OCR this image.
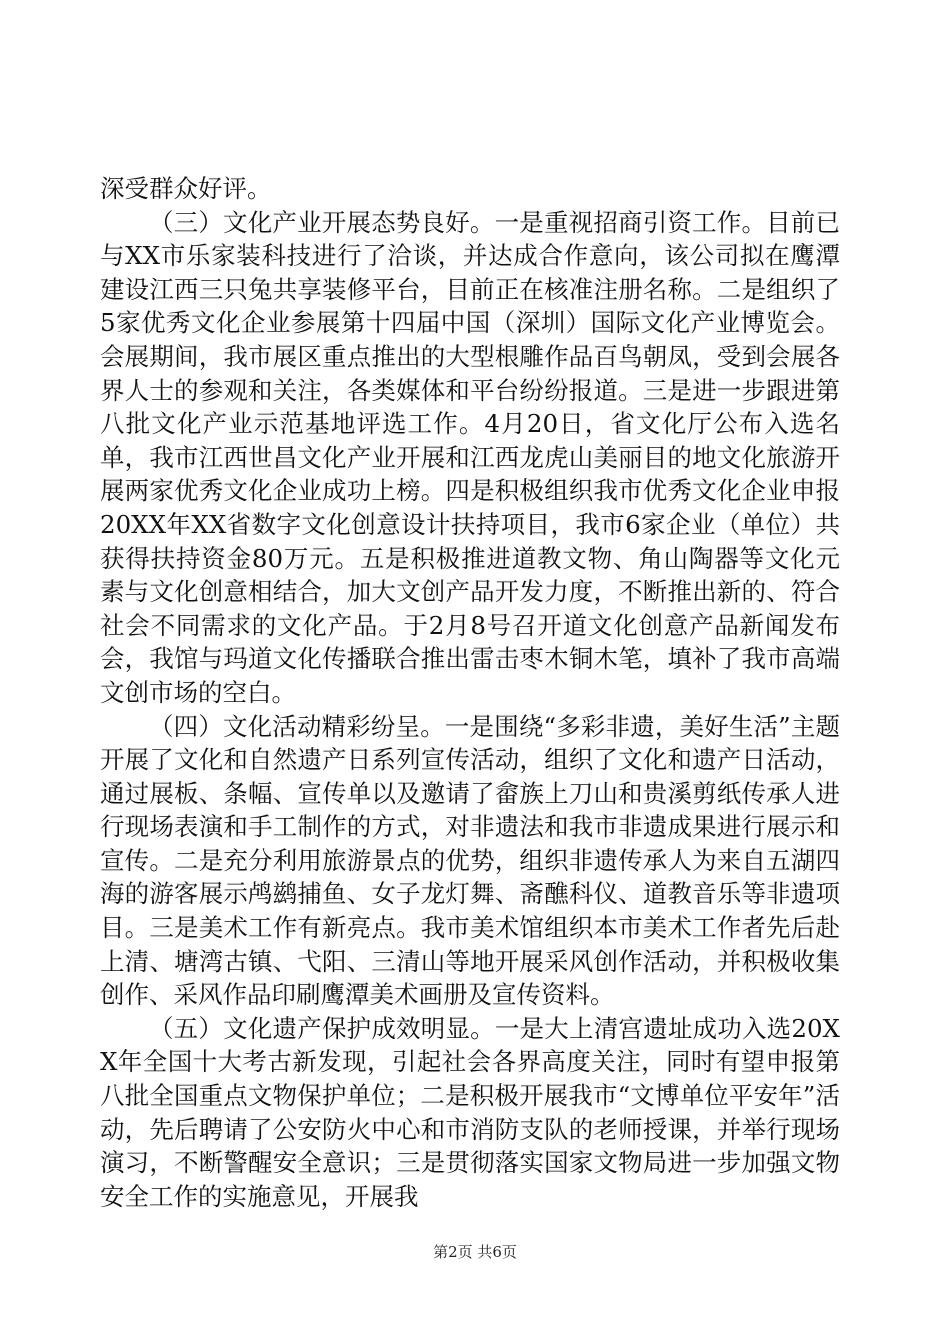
深受群众好评。

（三）文化产业开展态势良好。一是重视招商引资工作。目前已与XX市乐家装科技进行了洽谈，并达成合作意向，该公司拟在鹰潭建设江西三只兔共享装修平台，目前正在核准注册名称。二是组织了5家优秀文化企业参展第十四届中国（深圳）国际文化产业博览会。会展期间，我市展区重点推出的大型根雕作品百鸟朝凤，受到会展各界人士的参观和关注，各类媒体和平台纷纷报道。三是进一步跟进第八批文化产业示范基地评选工作。4月20日，省文化厅公布入选名单，我市江西世昌文化产业开展和江西龙虎山美丽目的地文化旅游开展两家优秀文化企业成功上榜。四是积极组织我市优秀文化企业申报20XX年XX省数字文化创意设计扶持项目，我市6家企业（单位）共获得扶持资金80万元。五是积极推进道教文物、角山陶器等文化元素与文化创意相结合，加大文创产品开发力度，不断推出新的、符合社会不同需求的文化产品。于2月8号召开道文化创意产品新闻发布会，我馆与玛道文化传播联合推出雷击枣木铜木笔，填补了我市高端文创市场的空白。

（四）文化活动精彩纷呈。一是围绕“多彩非遗，美好生活”主题开展了文化和自然遗产日系列宣传活动，组织了文化和遗产日活动，通过展板、条幅、宣传单以及邀请了畲族上刀山和贵溪剪纸传承人进行现场表演和手工制作的方式，对非遗法和我市非遗成果进行展示和宣传。二是充分利用旅游景点的优势，组织非遗传承人为来自五湖四海的游客展示鸬鹚捕鱼、女子龙灯舞、斋醮科仪、道教音乐等非遗项目。三是美术工作有新亮点。我市美术馆组织本市美术工作者先后赴上清、塘湾古镇、弋阳、三清山等地开展采风创作活动，并积极收集创作、采风作品印刷鹰潭美术画册及宣传资料。

（五）文化遗产保护成效明显。一是大上清宫遗址成功入选20XX年全国十大考古新发现，引起社会各界高度关注，同时有望申报第八批全国重点文物保护单位；二是积极开展我市“文博单位平安年”活动，先后聘请了公安防火中心和市消防支队的老师授课，并举行现场演习，不断警醒安全意识；三是贯彻落实国家文物局进一步加强文物安全工作的实施意见，开展我

第2页 共6页
